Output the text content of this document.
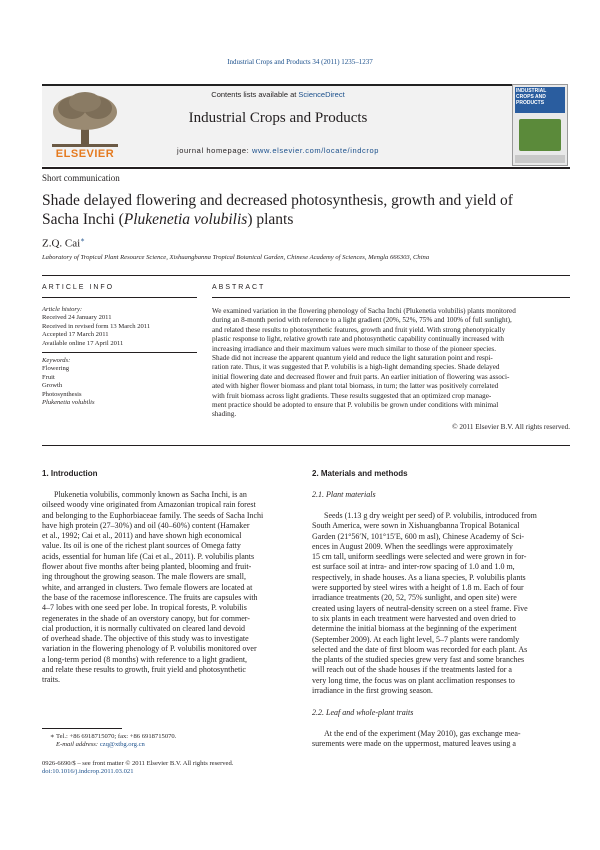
Industrial Crops and Products 34 (2011) 1235–1237
ELSEVIER
Contents lists available at ScienceDirect
Industrial Crops and Products
journal homepage: www.elsevier.com/locate/indcrop
INDUSTRIAL CROPS AND PRODUCTS
Short communication
Shade delayed flowering and decreased photosynthesis, growth and yield of
Sacha Inchi (Plukenetia volubilis) plants
Z.Q. Cai∗
Laboratory of Tropical Plant Resource Science, Xishuangbanna Tropical Botanical Garden, Chinese Academy of Sciences, Mengla 666303, China
ARTICLE INFO
Article history:
Received 24 January 2011
Received in revised form 13 March 2011
Accepted 17 March 2011
Available online 17 April 2011
Keywords:
Flowering
Fruit
Growth
Photosynthesis
Plukenetia volubilis
ABSTRACT
We examined variation in the flowering phenology of Sacha Inchi (Plukenetia volubilis) plants monitored
during an 8-month period with reference to a light gradient (20%, 52%, 75% and 100% of full sunlight),
and related these results to photosynthetic features, growth and fruit yield. With strong phenotypically
plastic response to light, relative growth rate and photosynthetic capability continually increased with
increasing irradiance and their maximum values were much similar to those of the pioneer species.
Shade did not increase the apparent quantum yield and reduce the light saturation point and respi-
ration rate. Thus, it was suggested that P. volubilis is a high-light demanding species. Shade delayed
initial flowering date and decreased flower and fruit parts. An earlier initiation of flowering was associ-
ated with higher flower biomass and plant total biomass, in turn; the latter was positively correlated
with fruit biomass across light gradients. These results suggested that an optimized crop manage-
ment practice should be adopted to ensure that P. volubilis be grown under conditions with minimal
shading.
© 2011 Elsevier B.V. All rights reserved.
1. Introduction
Plukenetia volubilis, commonly known as Sacha Inchi, is an
oilseed woody vine originated from Amazonian tropical rain forest
and belonging to the Euphorbiaceae family. The seeds of Sacha Inchi
have high protein (27–30%) and oil (40–60%) content (Hamaker
et al., 1992; Cai et al., 2011) and have shown high economical
value. Its oil is one of the richest plant sources of Omega fatty
acids, essential for human life (Cai et al., 2011). P. volubilis plants
flower about five months after being planted, blooming and fruit-
ing throughout the growing season. The male flowers are small,
white, and arranged in clusters. Two female flowers are located at
the base of the racemose inflorescence. The fruits are capsules with
4–7 lobes with one seed per lobe. In tropical forests, P. volubilis
regenerates in the shade of an overstory canopy, but for commer-
cial production, it is normally cultivated on cleared land devoid
of overhead shade. The objective of this study was to investigate
variation in the flowering phenology of P. volubilis monitored over
a long-term period (8 months) with reference to a light gradient,
and relate these results to growth, fruit yield and photosynthetic
traits.
∗ Tel.: +86 6918715070; fax: +86 6918715070.
E-mail address: czq@xtbg.org.cn
0926-6690/$ – see front matter © 2011 Elsevier B.V. All rights reserved.
doi:10.1016/j.indcrop.2011.03.021
2. Materials and methods
2.1. Plant materials
Seeds (1.13 g dry weight per seed) of P. volubilis, introduced from
South America, were sown in Xishuangbanna Tropical Botanical
Garden (21°56′N, 101°15′E, 600 m asl), Chinese Academy of Sci-
ences in August 2009. When the seedlings were approximately
15 cm tall, uniform seedlings were selected and were grown in for-
est surface soil at intra- and inter-row spacing of 1.0 and 1.0 m,
respectively, in shade houses. As a liana species, P. volubilis plants
were supported by steel wires with a height of 1.8 m. Each of four
irradiance treatments (20, 52, 75% sunlight, and open site) were
created using layers of neutral-density screen on a steel frame. Five
to six plants in each treatment were harvested and oven dried to
determine the initial biomass at the beginning of the experiment
(September 2009). At each light level, 5–7 plants were randomly
selected and the date of first bloom was recorded for each plant. As
the plants of the studied species grew very fast and some branches
will reach out of the shade houses if the treatments lasted for a
very long time, the focus was on plant acclimation responses to
irradiance in the first growing season.
2.2. Leaf and whole-plant traits
At the end of the experiment (May 2010), gas exchange mea-
surements were made on the uppermost, matured leaves using a
